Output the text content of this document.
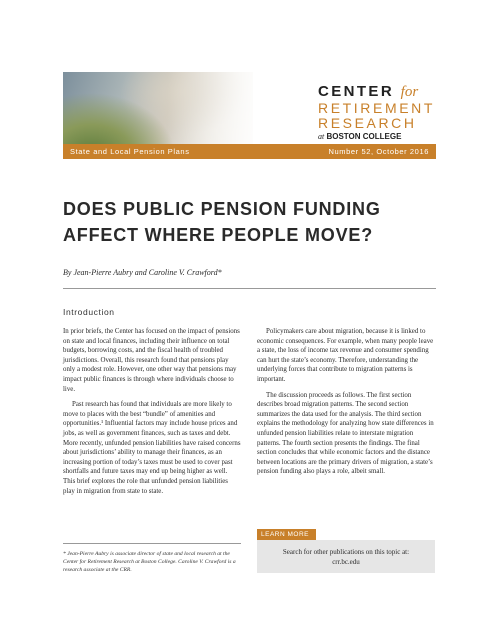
CENTER for
RETIREMENT
RESEARCH
at BOSTON COLLEGE
State and Local Pension Plans	Number 52, October 2016
DOES PUBLIC PENSION FUNDING AFFECT WHERE PEOPLE MOVE?
By Jean-Pierre Aubry and Caroline V. Crawford*
Introduction

In prior briefs, the Center has focused on the impact of pensions on state and local finances, including their influence on total budgets, borrowing costs, and the fiscal health of troubled jurisdictions. Overall, this research found that pensions play only a modest role. However, one other way that pensions may impact public finances is through where individuals choose to live.

Past research has found that individuals are more likely to move to places with the best “bundle” of amenities and opportunities.¹ Influential factors may include house prices and jobs, as well as government finances, such as taxes and debt. More recently, unfunded pension liabilities have raised concerns about jurisdictions’ ability to manage their finances, as an increasing portion of today’s taxes must be used to cover past shortfalls and future taxes may end up being higher as well. This brief explores the role that unfunded pension liabilities play in migration from state to state.

Policymakers care about migration, because it is linked to economic consequences. For example, when many people leave a state, the loss of income tax revenue and consumer spending can hurt the state’s economy. Therefore, understanding the underlying forces that contribute to migration patterns is important.

The discussion proceeds as follows. The first section describes broad migration patterns. The second section summarizes the data used for the analysis. The third section explains the methodology for analyzing how state differences in unfunded pension liabilities relate to interstate migration patterns. The fourth section presents the findings. The final section concludes that while economic factors and the distance between locations are the primary drivers of migration, a state’s pension funding also plays a role, albeit small.

* Jean-Pierre Aubry is associate director of state and local research at the Center for Retirement Research at Boston College. Caroline V. Crawford is a research associate at the CRR.
LEARN MORE
Search for other publications on this topic at:
crr.bc.edu
